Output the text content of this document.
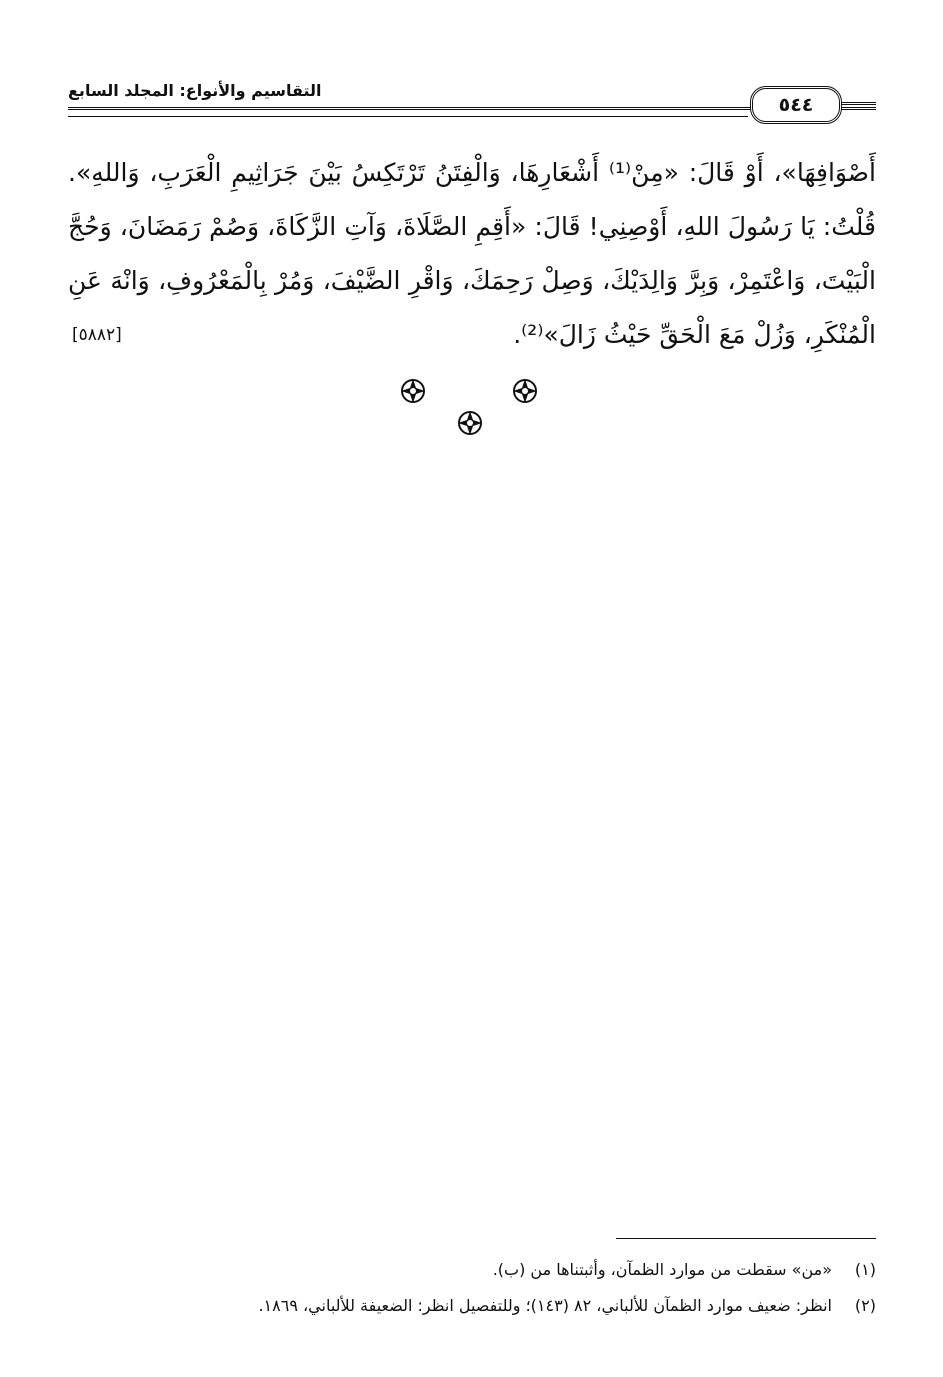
التقاسيم والأنواع: المجلد السابع
٥٤٤

أَصْوَافِهَا»، أَوْ قَالَ: «مِنْ⁽¹⁾ أَشْعَارِهَا، وَالْفِتَنُ تَرْتَكِسُ بَيْنَ جَرَاثِيمِ الْعَرَبِ، وَاللهِ». قُلْتُ: يَا رَسُولَ اللهِ، أَوْصِنِي! قَالَ: «أَقِمِ الصَّلَاةَ، وَآتِ الزَّكَاةَ، وَصُمْ رَمَضَانَ، وَحُجَّ الْبَيْتَ، وَاعْتَمِرْ، وَبِرَّ وَالِدَيْكَ، وَصِلْ رَحِمَكَ، وَاقْرِ الضَّيْفَ، وَمُرْ بِالْمَعْرُوفِ، وَانْهَ عَنِ الْمُنْكَرِ، وَزُلْ مَعَ الْحَقِّ حَيْثُ زَالَ»⁽²⁾.
[٥٨٨٢]

(١)
«من» سقطت من موارد الظمآن، وأثبتناها من (ب).
(٢)
انظر: ضعيف موارد الظمآن للألباني، ٨٢ (١٤٣)؛ وللتفصيل انظر: الضعيفة للألباني، ١٨٦٩.
